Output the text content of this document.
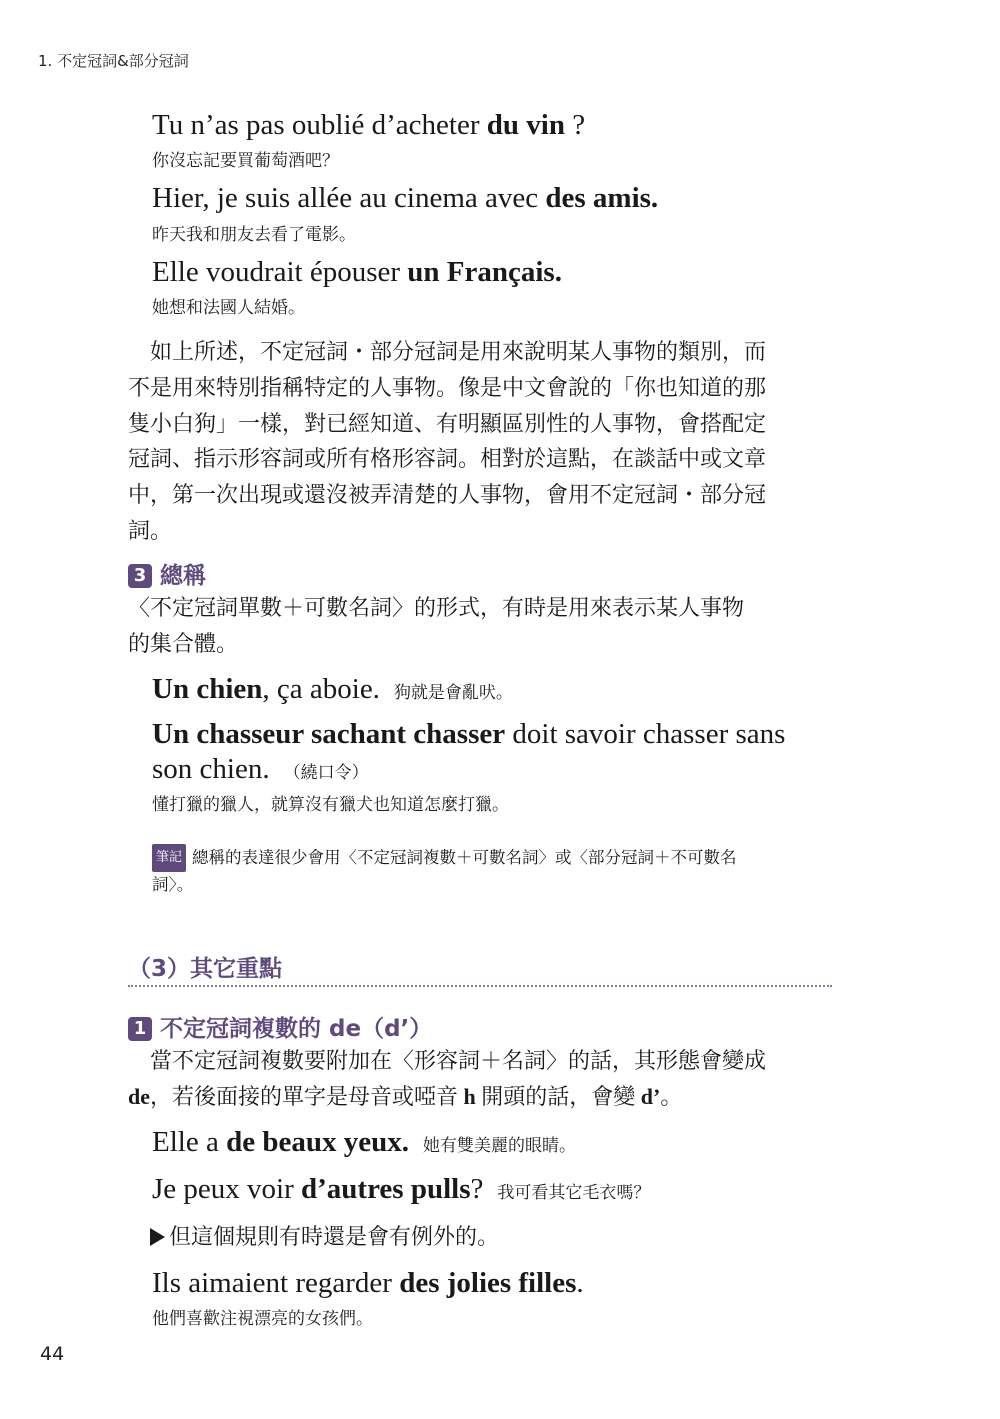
1. 不定冠詞&部分冠詞
Tu n’as pas oublié d’acheter du vin ?
你沒忘記要買葡萄酒吧？
Hier, je suis allée au cinema avec des amis.
昨天我和朋友去看了電影。
Elle voudrait épouser un Français.
她想和法國人結婚。
如上所述，不定冠詞・部分冠詞是用來說明某人事物的類別，而
不是用來特別指稱特定的人事物。像是中文會說的「你也知道的那
隻小白狗」一樣，對已經知道、有明顯區別性的人事物，會搭配定
冠詞、指示形容詞或所有格形容詞。相對於這點，在談話中或文章
中，第一次出現或還沒被弄清楚的人事物，會用不定冠詞・部分冠
詞。
3 總稱
〈不定冠詞單數＋可數名詞〉的形式，有時是用來表示某人事物
的集合體。
Un chien, ça aboie. 狗就是會亂吠。
Un chasseur sachant chasser doit savoir chasser sans
son chien. （繞口令）
懂打獵的獵人，就算沒有獵犬也知道怎麼打獵。
筆記 總稱的表達很少會用〈不定冠詞複數＋可數名詞〉或〈部分冠詞＋不可數名
詞〉。
（3）其它重點
1 不定冠詞複數的 de（d’）
當不定冠詞複數要附加在〈形容詞＋名詞〉的話，其形態會變成
de，若後面接的單字是母音或啞音 h 開頭的話，會變 d’。
Elle a de beaux yeux. 她有雙美麗的眼睛。
Je peux voir d’autres pulls? 我可看其它毛衣嗎？
但這個規則有時還是會有例外的。
Ils aimaient regarder des jolies filles.
他們喜歡注視漂亮的女孩們。
44
